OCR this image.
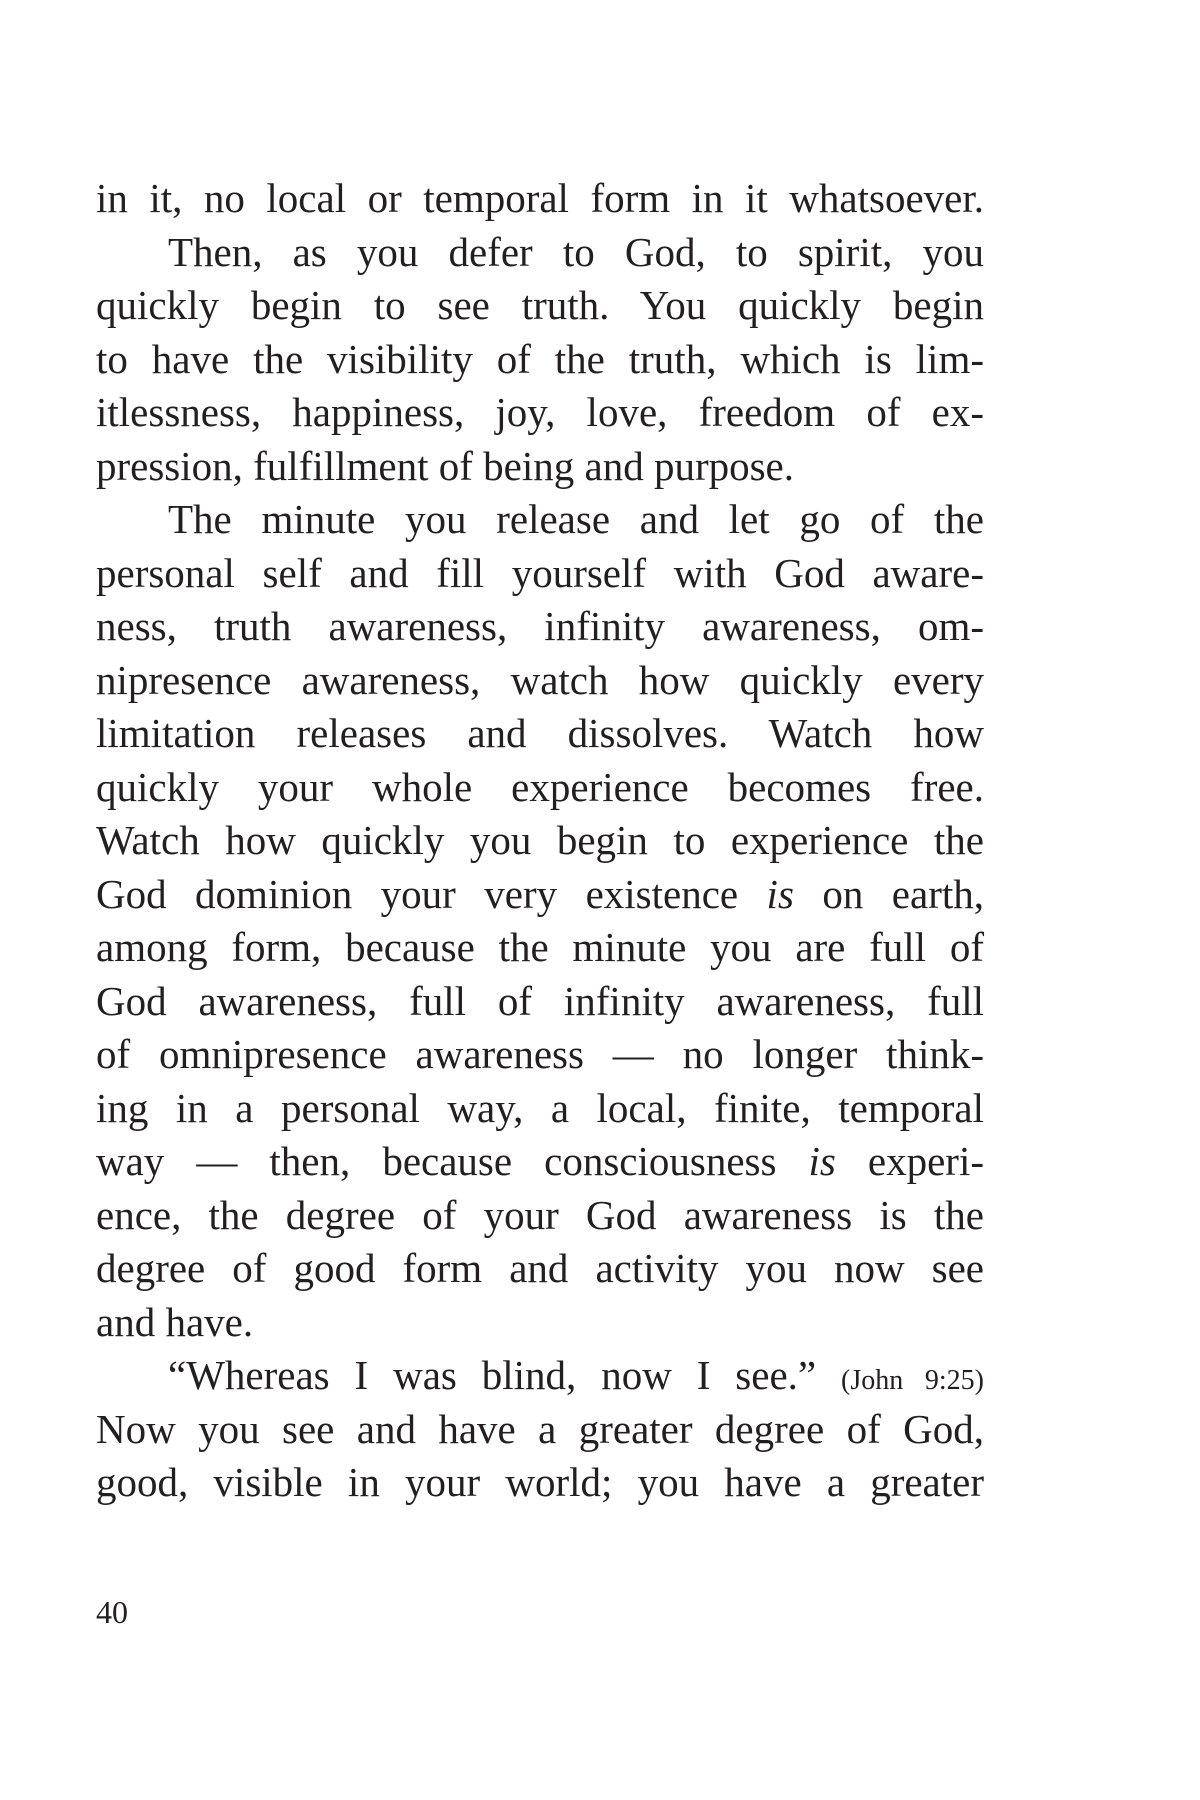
in it, no local or temporal form in it whatsoever.
Then, as you defer to God, to spirit, you
quickly begin to see truth. You quickly begin
to have the visibility of the truth, which is lim-
itlessness, happiness, joy, love, freedom of ex-
pression, fulfillment of being and purpose.
The minute you release and let go of the
personal self and fill yourself with God aware-
ness, truth awareness, infinity awareness, om-
nipresence awareness, watch how quickly every
limitation releases and dissolves. Watch how
quickly your whole experience becomes free.
Watch how quickly you begin to experience the
God dominion your very existence is on earth,
among form, because the minute you are full of
God awareness, full of infinity awareness, full
of omnipresence awareness — no longer think-
ing in a personal way, a local, finite, temporal
way — then, because consciousness is experi-
ence, the degree of your God awareness is the
degree of good form and activity you now see
and have.
“Whereas I was blind, now I see.” (John 9:25)
Now you see and have a greater degree of God,
good, visible in your world; you have a greater
40
